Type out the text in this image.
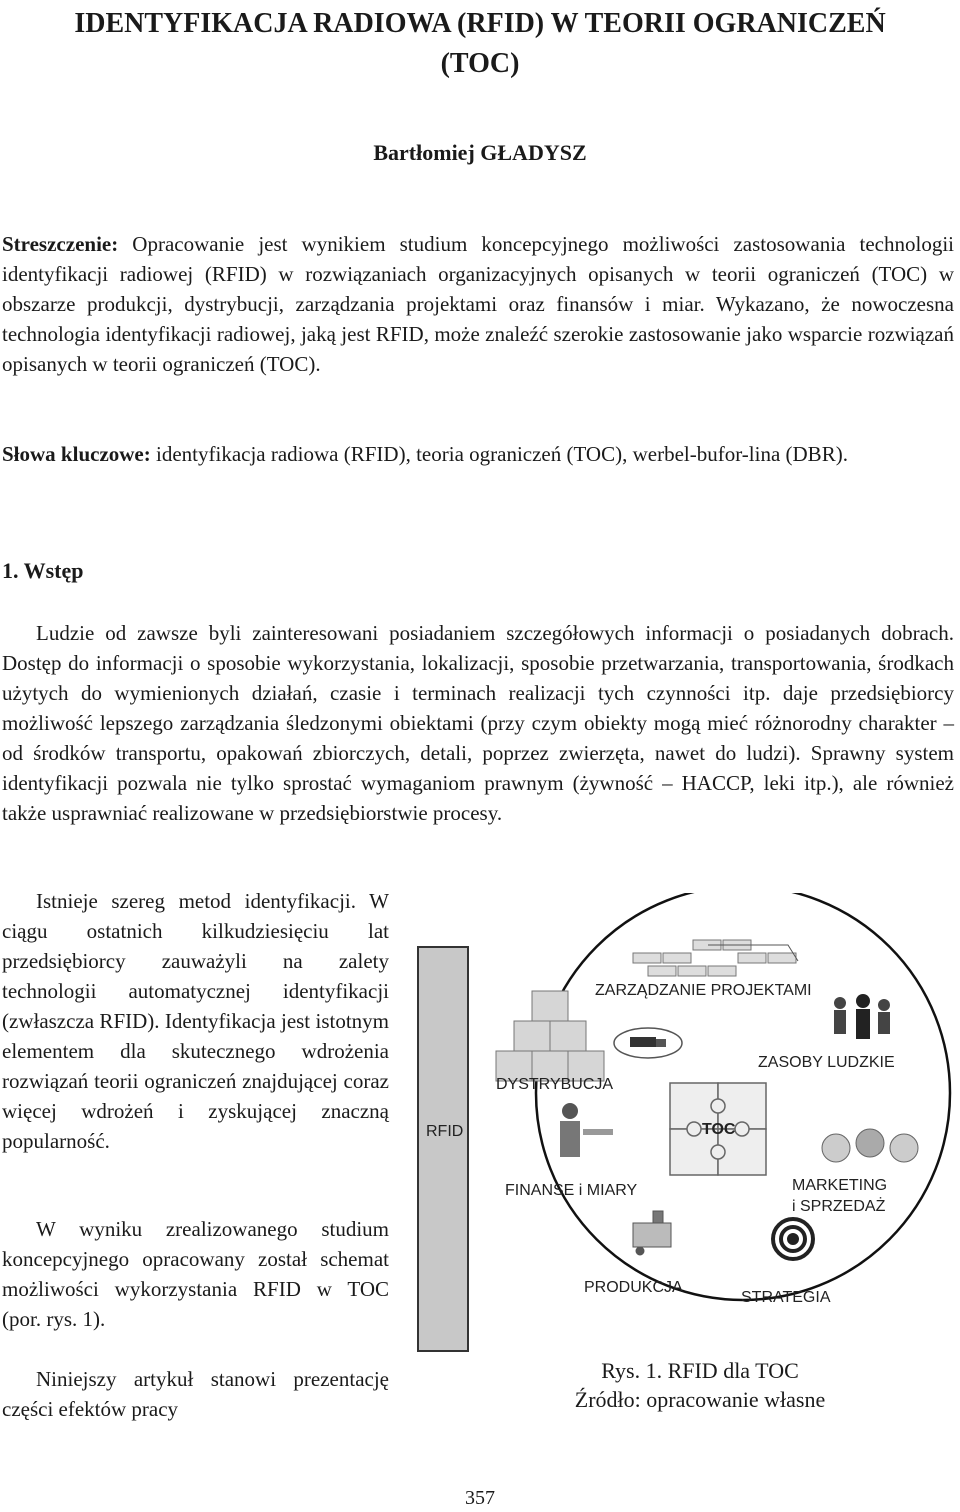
IDENTYFIKACJA RADIOWA (RFID) W TEORII OGRANICZEŃ
(TOC)

Bartłomiej GŁADYSZ

Streszczenie: Opracowanie jest wynikiem studium koncepcyjnego możliwości zastosowania technologii identyfikacji radiowej (RFID) w rozwiązaniach organizacyjnych opisanych w teorii ograniczeń (TOC) w obszarze produkcji, dystrybucji, zarządzania projektami oraz finansów i miar. Wykazano, że nowoczesna technologia identyfikacji radiowej, jaką jest RFID, może znaleźć szerokie zastosowanie jako wsparcie rozwiązań opisanych w teorii ograniczeń (TOC).

Słowa kluczowe: identyfikacja radiowa (RFID), teoria ograniczeń (TOC), werbel-bufor-lina (DBR).

1. Wstęp

Ludzie od zawsze byli zainteresowani posiadaniem szczegółowych informacji o posiadanych dobrach. Dostęp do informacji o sposobie wykorzystania, lokalizacji, sposobie przetwarzania, transportowania, środkach użytych do wymienionych działań, czasie i terminach realizacji tych czynności itp. daje przedsiębiorcy możliwość lepszego zarządzania śledzonymi obiektami (przy czym obiekty mogą mieć różnorodny charakter – od środków transportu, opakowań zbiorczych, detali, poprzez zwierzęta, nawet do ludzi). Sprawny system identyfikacji pozwala nie tylko sprostać wymaganiom prawnym (żywność – HACCP, leki itp.), ale również także usprawniać realizowane w przedsiębiorstwie procesy.

Istnieje szereg metod identyfikacji. W ciągu ostatnich kilkudziesięciu lat przedsiębiorcy zauważyli na zalety technologii automatycznej identyfikacji (zwłaszcza RFID). Identyfikacja jest istotnym elementem dla skutecznego wdrożenia rozwiązań teorii ograniczeń znajdującej coraz więcej wdrożeń i zyskującej znaczną popularność.

W wyniku zrealizowanego studium koncepcyjnego opracowany został schemat możliwości wykorzystania RFID w TOC (por. rys. 1).

Niniejszy artykuł stanowi prezentację części efektów pracy

RFID
ZARZĄDZANIE PROJEKTAMI
DYSTRYBUCJA
ZASOBY LUDZKIE
TOC
FINANSE i MIARY	MARKETING
i SPRZEDAŻ
PRODUKCJA
STRATEGIA

Rys. 1. RFID dla TOC
Źródło: opracowanie własne

357
